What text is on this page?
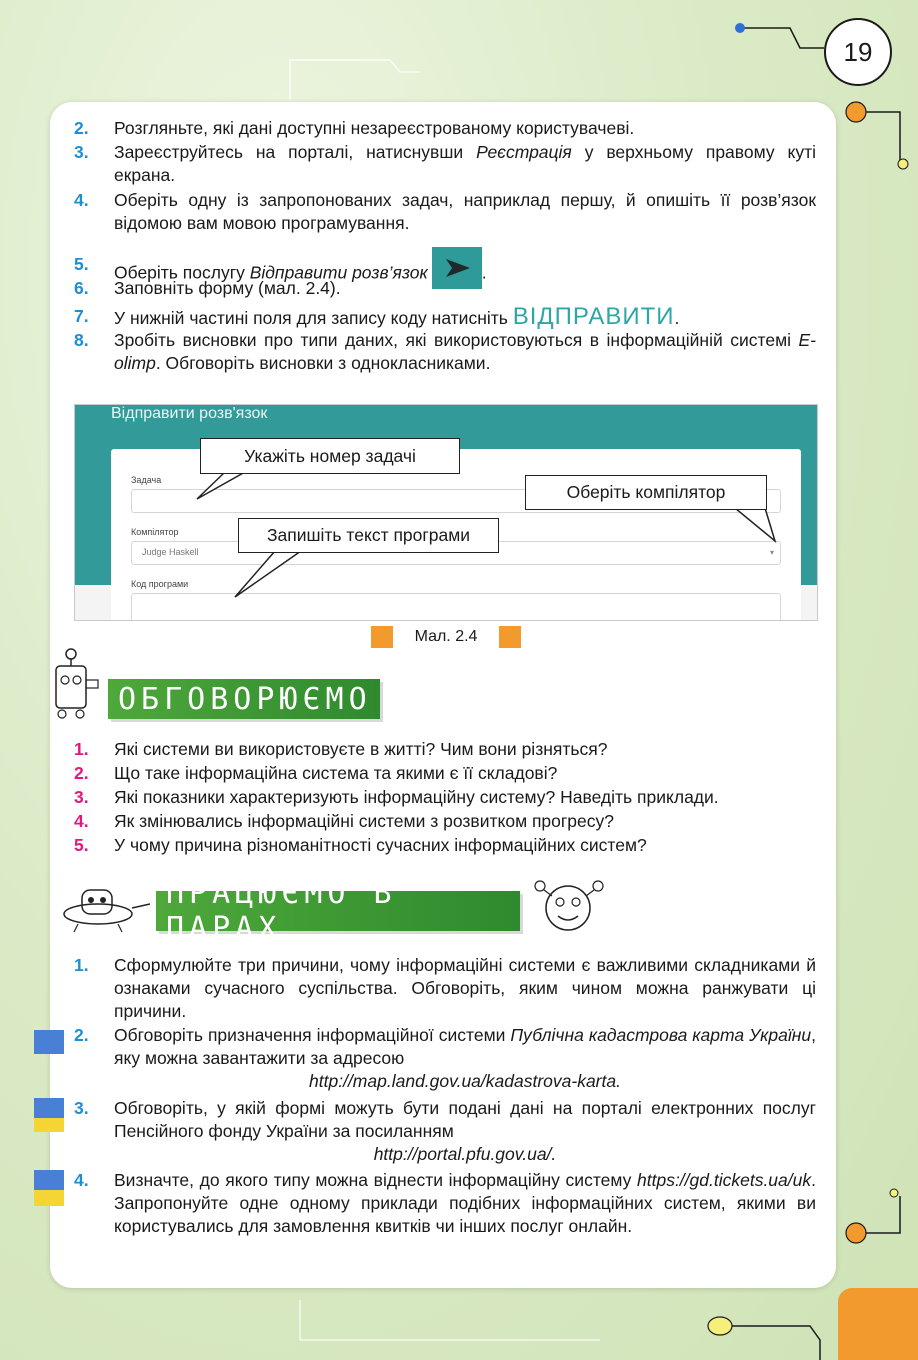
19
2.	Розгляньте, які дані доступні незареєстрованому користувачеві.
3.	Зареєструйтесь на порталі, натиснувши Реєстрація у верхньому правому куті екрана.
4.	Оберіть одну із запропонованих задач, наприклад першу, й опишіть її розв’язок відомою вам мовою програмування.
5.	Оберіть послугу Відправити розв’язок	.
6.	Заповніть форму (мал. 2.4).
7.	У нижній частині поля для запису коду натисніть ВІДПРАВИТИ.
8.	Зробіть висновки про типи даних, які використовуються в інформаційній системі E-olimp. Обговоріть висновки з однокласниками.
Відправити розв'язок
Задача
Компілятор
Judge Haskell	▾
Код програми
Укажіть номер задачі
Оберіть компілятор
Запишіть текст програми
Мал. 2.4
ОБГОВОРЮЄМО
1.	Які системи ви використовуєте в житті? Чим вони різняться?
2.	Що таке інформаційна система та якими є її складові?
3.	Які показники характеризують інформаційну систему? Наведіть приклади.
4.	Як змінювались інформаційні системи з розвитком прогресу?
5.	У чому причина різноманітності сучасних інформаційних систем?
ПРАЦЮЄМО В ПАРАХ
1.	Сформулюйте три причини, чому інформаційні системи є важливими складниками й ознаками сучасного суспільства. Обговоріть, яким чином можна ранжувати ці причини.
2.	Обговоріть призначення інформаційної системи Публічна кадастрова карта України, яку можна завантажити за адресою
http://map.land.gov.ua/kadastrova-karta.
3.	Обговоріть, у якій формі можуть бути подані дані на порталі електронних послуг Пенсійного фонду України за посиланням
http://portal.pfu.gov.ua/.
4.	Визначте, до якого типу можна віднести інформаційну систему https://gd.tickets.ua/uk. Запропонуйте одне одному приклади подібних інформаційних систем, якими ви користувались для замовлення квитків чи інших послуг онлайн.
